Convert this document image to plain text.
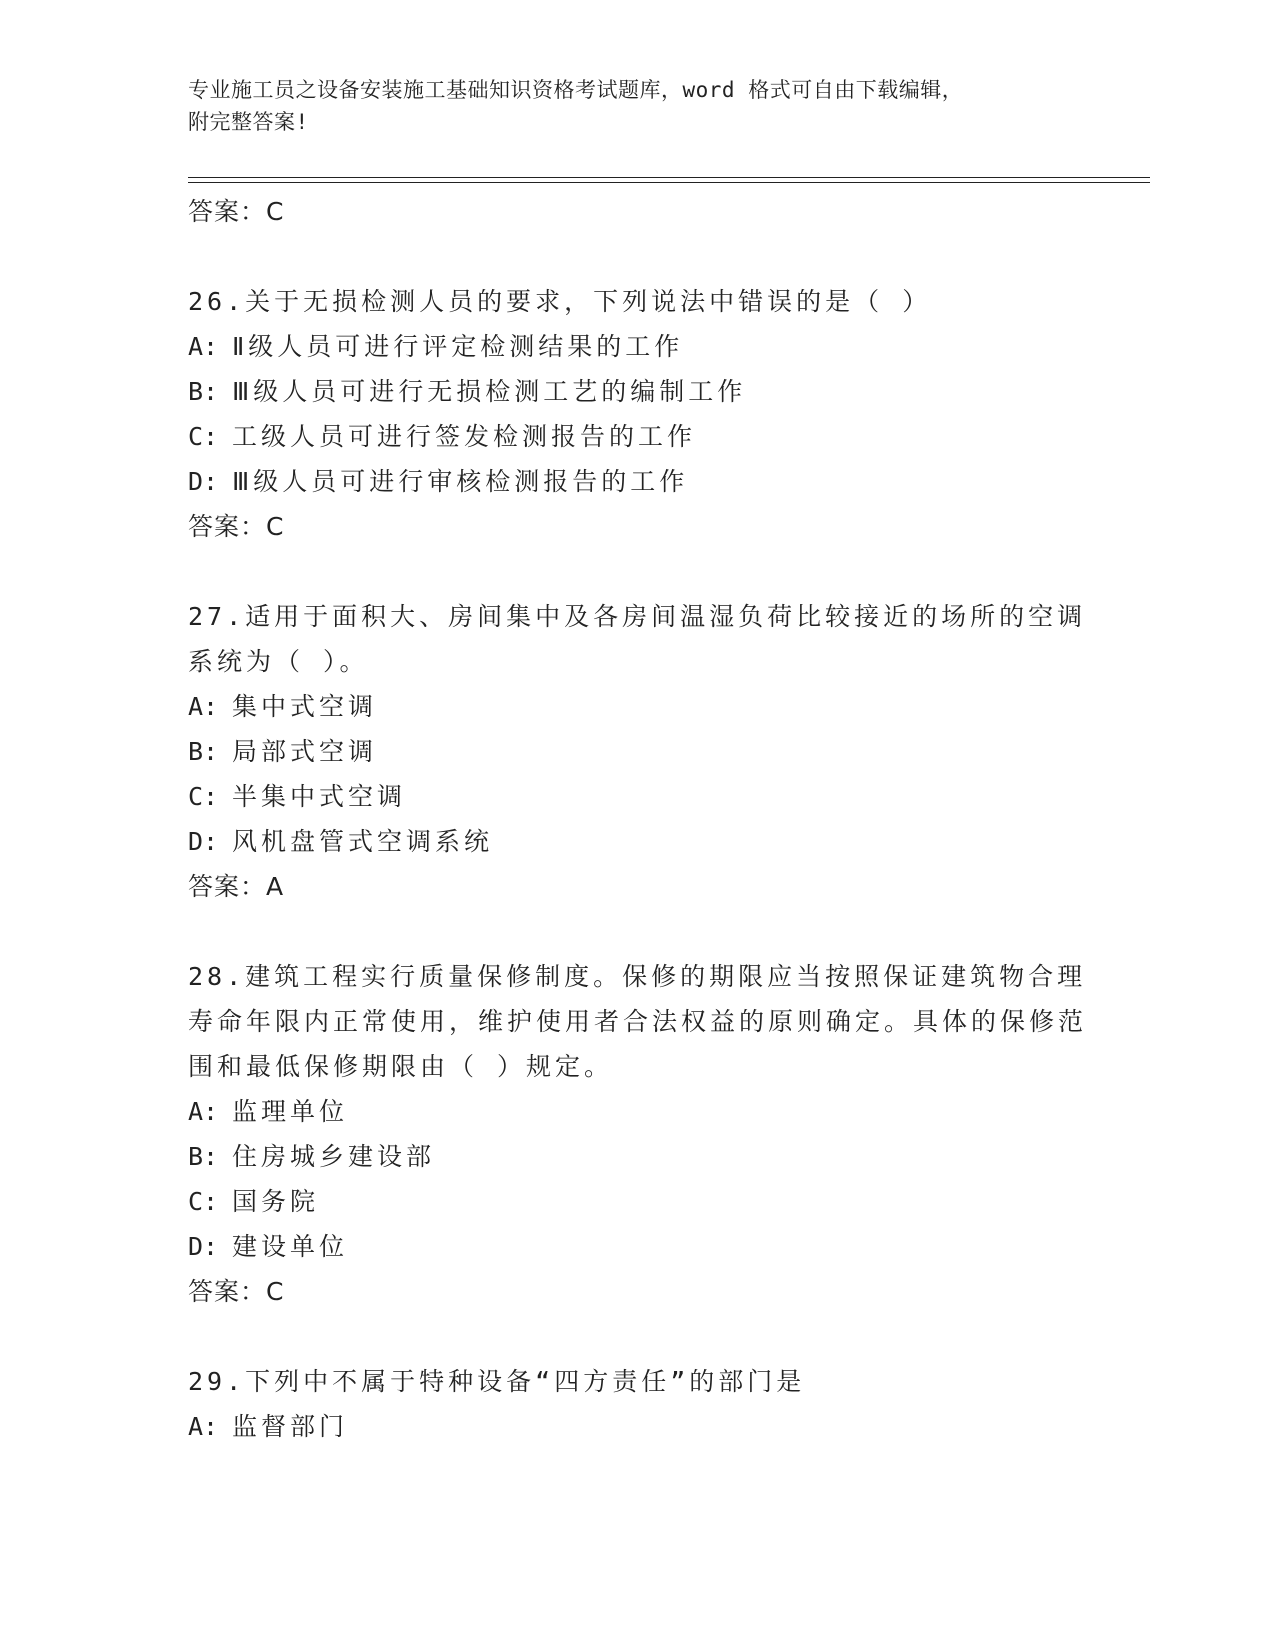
专业施工员之设备安装施工基础知识资格考试题库，word 格式可自由下载编辑，
附完整答案!
答案：C
26.关于无损检测人员的要求，下列说法中错误的是（ ）
A: Ⅱ级人员可进行评定检测结果的工作
B: Ⅲ级人员可进行无损检测工艺的编制工作
C: 工级人员可进行签发检测报告的工作
D: Ⅲ级人员可进行审核检测报告的工作
答案：C
27.适用于面积大、房间集中及各房间温湿负荷比较接近的场所的空调系统为（ ）。
A: 集中式空调
B: 局部式空调
C: 半集中式空调
D: 风机盘管式空调系统
答案：A
28.建筑工程实行质量保修制度。保修的期限应当按照保证建筑物合理寿命年限内正常使用，维护使用者合法权益的原则确定。具体的保修范围和最低保修期限由（ ）规定。
A: 监理单位
B: 住房城乡建设部
C: 国务院
D: 建设单位
答案：C
29.下列中不属于特种设备“四方责任”的部门是
A: 监督部门
